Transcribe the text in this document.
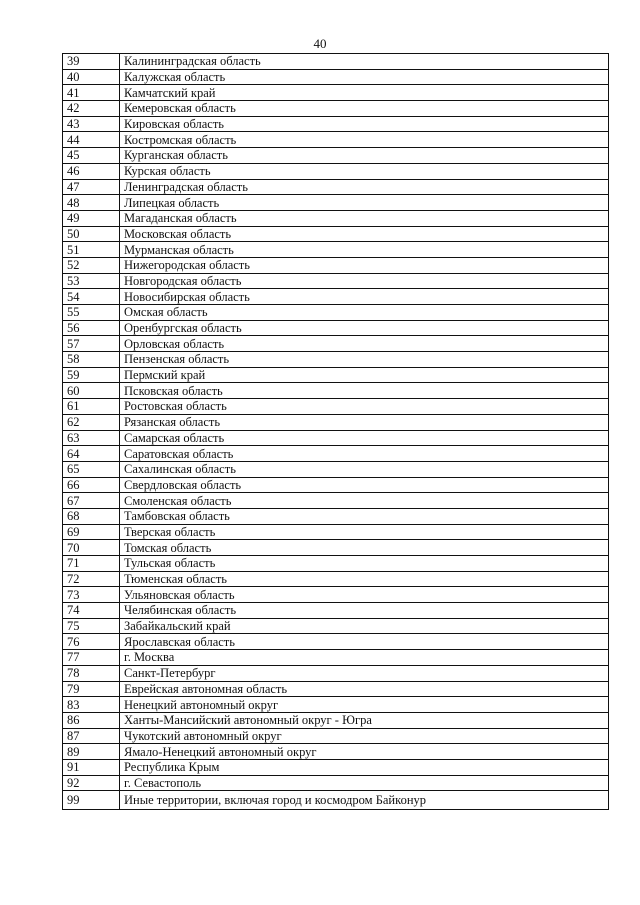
40
39	Калининградская область
40	Калужская область
41	Камчатский край
42	Кемеровская область
43	Кировская область
44	Костромская область
45	Курганская область
46	Курская область
47	Ленинградская область
48	Липецкая область
49	Магаданская область
50	Московская область
51	Мурманская область
52	Нижегородская область
53	Новгородская область
54	Новосибирская область
55	Омская область
56	Оренбургская область
57	Орловская область
58	Пензенская область
59	Пермский край
60	Псковская область
61	Ростовская область
62	Рязанская область
63	Самарская область
64	Саратовская область
65	Сахалинская область
66	Свердловская область
67	Смоленская область
68	Тамбовская область
69	Тверская область
70	Томская область
71	Тульская область
72	Тюменская область
73	Ульяновская область
74	Челябинская область
75	Забайкальский край
76	Ярославская область
77	г. Москва
78	Санкт-Петербург
79	Еврейская автономная область
83	Ненецкий автономный округ
86	Ханты-Мансийский автономный округ - Югра
87	Чукотский автономный округ
89	Ямало-Ненецкий автономный округ
91	Республика Крым
92	г. Севастополь
99	Иные территории, включая город и космодром Байконур
